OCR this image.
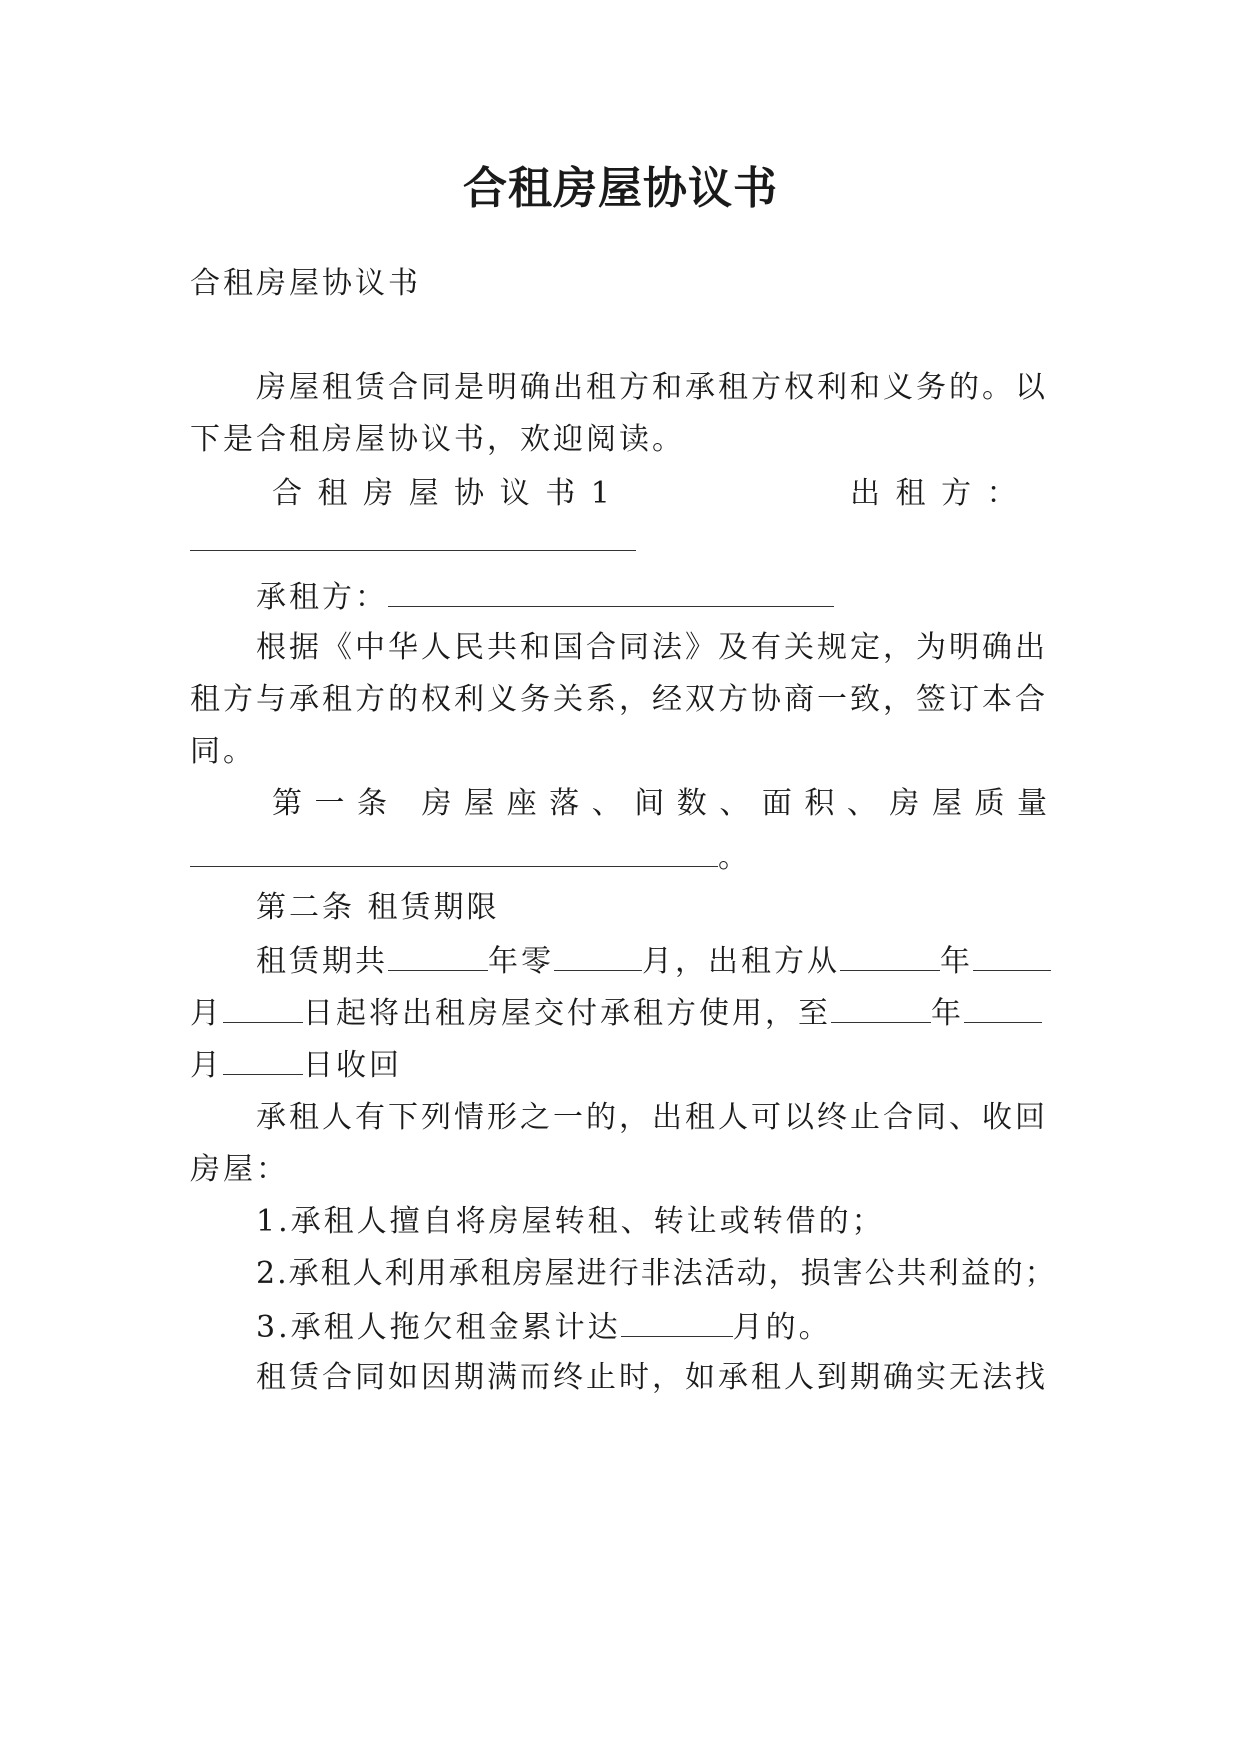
合租房屋协议书
合租房屋协议书
房屋租赁合同是明确出租方和承租方权利和义务的。以
下是合租房屋协议书，欢迎阅读。
合 租 房 屋 协 议 书 1	出 租 方 ：
承租方：
根据《中华人民共和国合同法》及有关规定，为明确出
租方与承租方的权利义务关系，经双方协商一致，签订本合
同。
第一条 房屋座落、间数、面积、房屋质量
。
第二条 租赁期限
租赁期共	年零	月，出租方从	年
月	日起将出租房屋交付承租方使用，至	年
月	日收回
承租人有下列情形之一的，出租人可以终止合同、收回
房屋：
1.承租人擅自将房屋转租、转让或转借的；
2.承租人利用承租房屋进行非法活动，损害公共利益的；
3.承租人拖欠租金累计达	月的。
租赁合同如因期满而终止时，如承租人到期确实无法找
